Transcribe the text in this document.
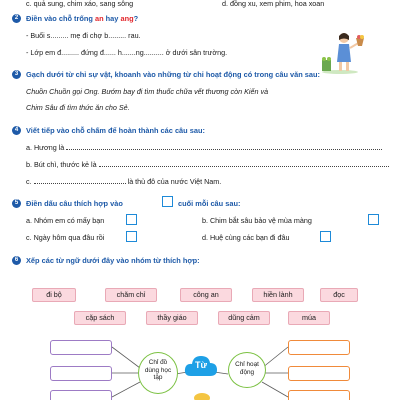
c. quả sung, chim xáo, sang sông	d. đồng xu, xem phim, hoa xoan
2	Điền vào chỗ trống an hay ang?
- Buổi s......... mẹ đi chợ b......... rau.
- Lớp em đ......... đứng đ...... h.......ng.......... ở dưới sân trường.
3	Gạch dưới từ chỉ sự vật, khoanh vào những từ chỉ hoạt động có trong câu văn sau:
Chuồn Chuồn gọi Ong. Bướm bay đi tìm thuốc chữa vết thương còn Kiến và
Chim Sâu đi tìm thức ăn cho Sẻ.
4	Viết tiếp vào chỗ chấm để hoàn thành các câu sau:
a. Hương là
b. Bút chì, thước kẻ là
c.	là thủ đô của nước Việt Nam.
5	Điền dấu câu thích hợp vào	cuối mỗi câu sau:
a. Nhóm em có mấy bạn	b. Chim bắt sâu bảo vệ mùa màng
c. Ngày hôm qua đâu rồi	d. Huệ cùng các bạn đi đâu
6	Xếp các từ ngữ dưới đây vào nhóm từ thích hợp:
đi bộ	chăm chỉ	công an	hiền lành	đọc
cặp sách	thầy giáo	dũng cảm	múa
Chỉ đồ dùng học tập
Chỉ hoạt động
Từ
